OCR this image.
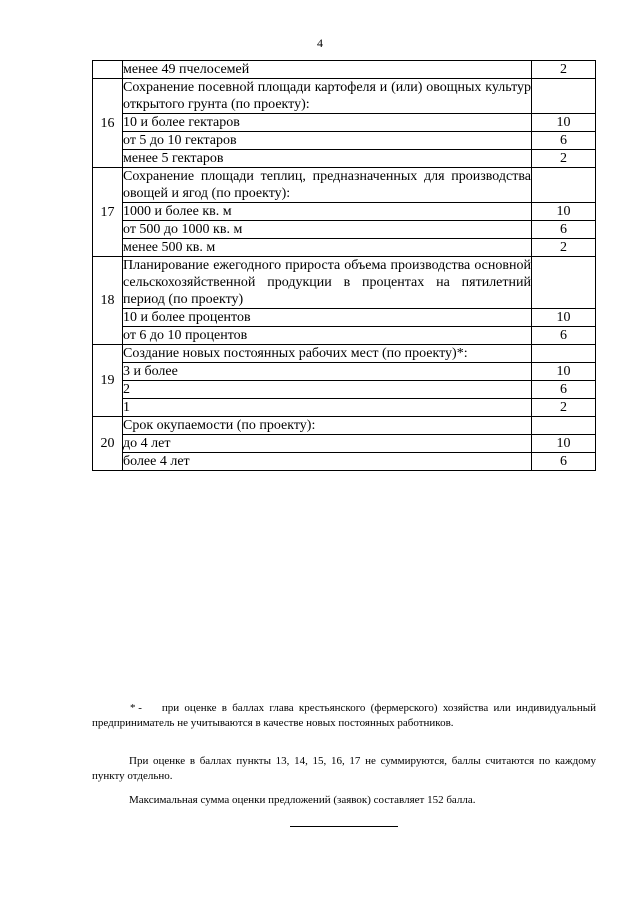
4
	менее 49 пчелосемей	2
16	Сохранение посевной площади картофеля и (или) овощных культур открытого грунта (по проекту):	
	10 и более гектаров	10
	от 5 до 10 гектаров	6
	менее 5 гектаров	2
17	Сохранение площади теплиц, предназначенных для производства овощей и ягод (по проекту):	
	1000 и более кв. м	10
	от 500 до 1000 кв. м	6
	менее 500 кв. м	2
18	Планирование ежегодного прироста объема производства основной сельскохозяйственной продукции в процентах на пятилетний период (по проекту)	
	10 и более процентов	10
	от 6 до 10 процентов	6
19	Создание новых постоянных рабочих мест (по проекту)*:	
	3 и более	10
	2	6
	1	2
20	Срок окупаемости (по проекту):	
	до 4 лет	10
	более 4 лет	6
* - при оценке в баллах глава крестьянского (фермерского) хозяйства или индивидуальный предприниматель не учитываются в качестве новых постоянных работников.
При оценке в баллах пункты 13, 14, 15, 16, 17 не суммируются, баллы считаются по каждому пункту отдельно.
Максимальная сумма оценки предложений (заявок) составляет 152 балла.
